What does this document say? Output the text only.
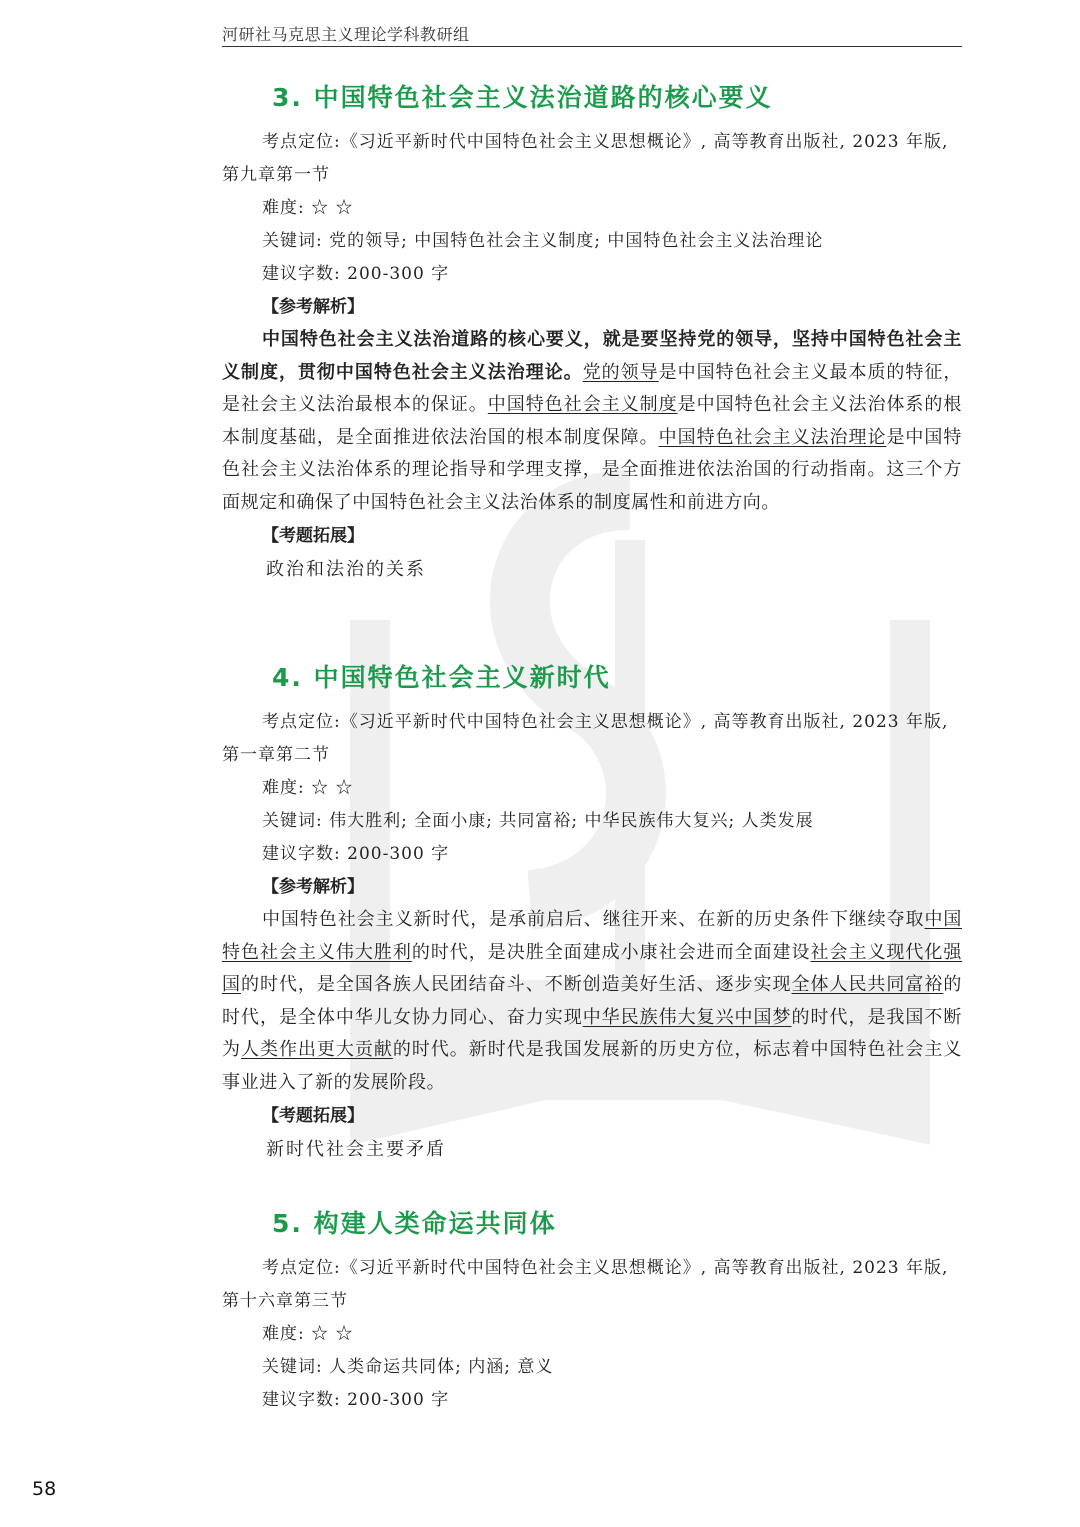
河研社马克思主义理论学科教研组
3. 中国特色社会主义法治道路的核心要义
考点定位:《习近平新时代中国特色社会主义思想概论》, 高等教育出版社, 2023 年版,
第九章第一节
难度: ☆ ☆
关键词: 党的领导; 中国特色社会主义制度; 中国特色社会主义法治理论
建议字数: 200-300 字
【参考解析】

中国特色社会主义法治道路的核心要义，就是要坚持党的领导，坚持中国特色社会主义制度，贯彻中国特色社会主义法治理论。党的领导是中国特色社会主义最本质的特征，是社会主义法治最根本的保证。中国特色社会主义制度是中国特色社会主义法治体系的根本制度基础，是全面推进依法治国的根本制度保障。中国特色社会主义法治理论是中国特色社会主义法治体系的理论指导和学理支撑，是全面推进依法治国的行动指南。这三个方面规定和确保了中国特色社会主义法治体系的制度属性和前进方向。

【考题拓展】
政治和法治的关系
4. 中国特色社会主义新时代
考点定位:《习近平新时代中国特色社会主义思想概论》, 高等教育出版社, 2023 年版,
第一章第二节
难度: ☆ ☆
关键词: 伟大胜利; 全面小康; 共同富裕; 中华民族伟大复兴; 人类发展
建议字数: 200-300 字
【参考解析】

中国特色社会主义新时代，是承前启后、继往开来、在新的历史条件下继续夺取中国特色社会主义伟大胜利的时代，是决胜全面建成小康社会进而全面建设社会主义现代化强国的时代，是全国各族人民团结奋斗、不断创造美好生活、逐步实现全体人民共同富裕的时代，是全体中华儿女协力同心、奋力实现中华民族伟大复兴中国梦的时代，是我国不断为人类作出更大贡献的时代。新时代是我国发展新的历史方位，标志着中国特色社会主义事业进入了新的发展阶段。

【考题拓展】
新时代社会主要矛盾
5. 构建人类命运共同体
考点定位:《习近平新时代中国特色社会主义思想概论》, 高等教育出版社, 2023 年版,
第十六章第三节
难度: ☆ ☆
关键词: 人类命运共同体; 内涵; 意义
建议字数: 200-300 字
58
